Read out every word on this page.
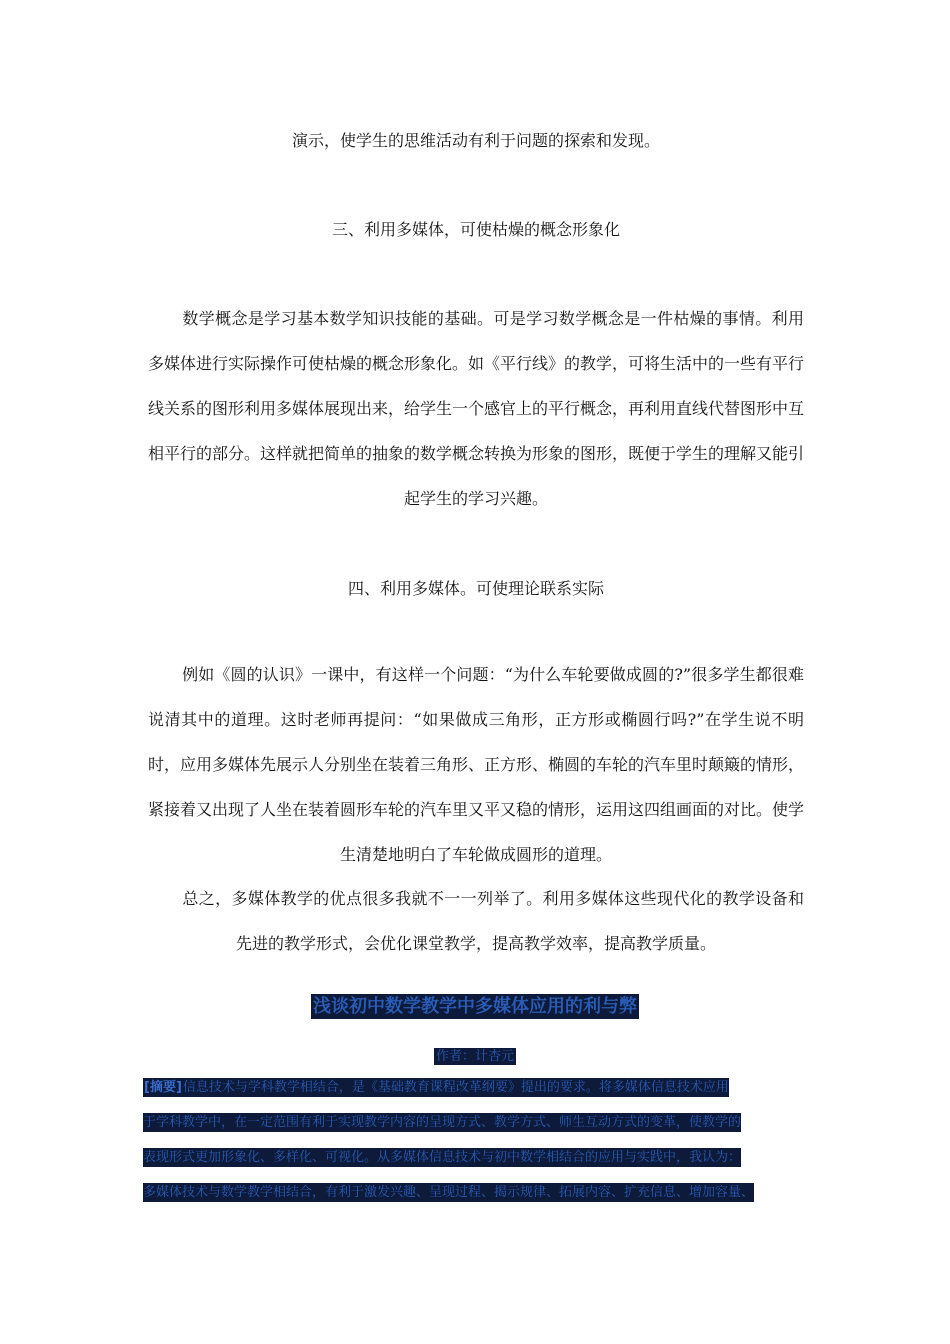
演示，使学生的思维活动有利于问题的探索和发现。
三、利用多媒体，可使枯燥的概念形象化
数学概念是学习基本数学知识技能的基础。可是学习数学概念是一件枯燥的事情。利用多媒体进行实际操作可使枯燥的概念形象化。如《平行线》的教学，可将生活中的一些有平行线关系的图形利用多媒体展现出来，给学生一个感官上的平行概念，再利用直线代替图形中互相平行的部分。这样就把简单的抽象的数学概念转换为形象的图形，既便于学生的理解又能引起学生的学习兴趣。
四、利用多媒体。可使理论联系实际
例如《圆的认识》一课中，有这样一个问题：“为什么车轮要做成圆的?”很多学生都很难说清其中的道理。这时老师再提问：“如果做成三角形，正方形或椭圆行吗?”在学生说不明时，应用多媒体先展示人分别坐在装着三角形、正方形、椭圆的车轮的汽车里时颠簸的情形，紧接着又出现了人坐在装着圆形车轮的汽车里又平又稳的情形，运用这四组画面的对比。使学生清楚地明白了车轮做成圆形的道理。
总之，多媒体教学的优点很多我就不一一列举了。利用多媒体这些现代化的教学设备和先进的教学形式，会优化课堂教学，提高教学效率，提高教学质量。
浅谈初中数学教学中多媒体应用的利与弊
作者：计杏元
[摘要]信息技术与学科教学相结合，是《基础教育课程改革纲要》提出的要求。将多媒体信息技术应用
于学科教学中，在一定范围有利于实现教学内容的呈现方式、教学方式、师生互动方式的变革，使教学的
表现形式更加形象化、多样化、可视化。从多媒体信息技术与初中数学相结合的应用与实践中，我认为：
多媒体技术与数学教学相结合，有利于激发兴趣、呈现过程、揭示规律、拓展内容、扩充信息、增加容量、
